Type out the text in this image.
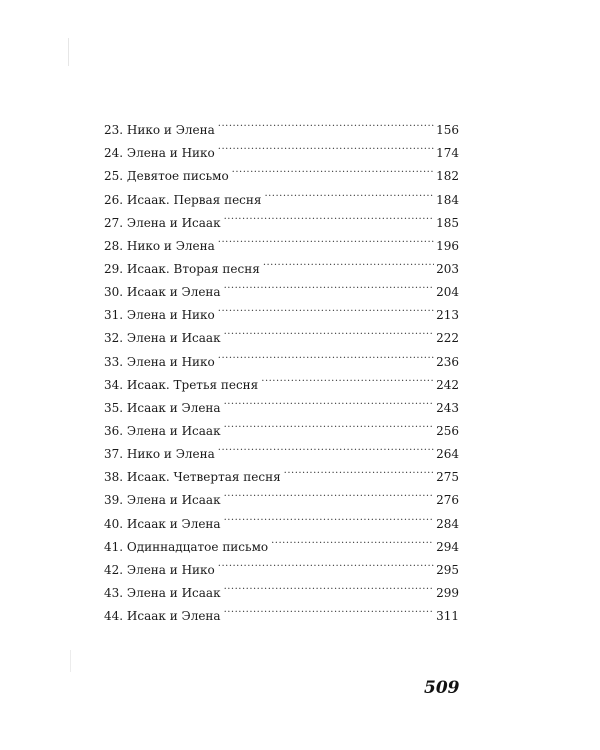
23. Нико и Элена .....	156
24. Элена и Нико .....	174
25. Девятое письмо .....	182
26. Исаак. Первая песня .....	184
27. Элена и Исаак .....	185
28. Нико и Элена .....	196
29. Исаак. Вторая песня .....	203
30. Исаак и Элена .....	204
31. Элена и Нико .....	213
32. Элена и Исаак .....	222
33. Элена и Нико .....	236
34. Исаак. Третья песня .....	242
35. Исаак и Элена .....	243
36. Элена и Исаак .....	256
37. Нико и Элена .....	264
38. Исаак. Четвертая песня .....	275
39. Элена и Исаак .....	276
40. Исаак и Элена .....	284
41. Одиннадцатое письмо .....	294
42. Элена и Нико .....	295
43. Элена и Исаак .....	299
44. Исаак и Элена .....	311
509
